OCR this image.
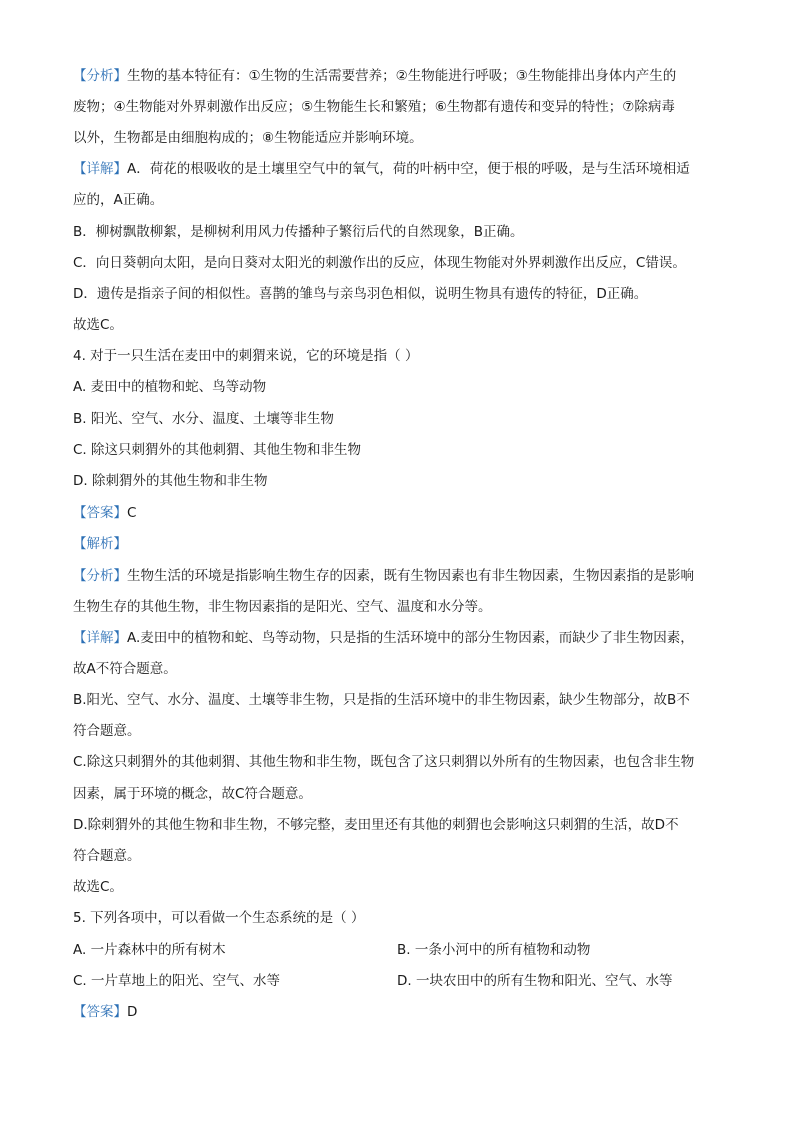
【分析】生物的基本特征有：①生物的生活需要营养；②生物能进行呼吸；③生物能排出身体内产生的
废物；④生物能对外界刺激作出反应；⑤生物能生长和繁殖；⑥生物都有遗传和变异的特性；⑦除病毒
以外，生物都是由细胞构成的；⑧生物能适应并影响环境。
【详解】A．荷花的根吸收的是土壤里空气中的氧气，荷的叶柄中空，便于根的呼吸，是与生活环境相适
应的，A正确。
B．柳树飘散柳絮，是柳树利用风力传播种子繁衍后代的自然现象，B正确。
C．向日葵朝向太阳，是向日葵对太阳光的刺激作出的反应，体现生物能对外界刺激作出反应，C错误。
D．遗传是指亲子间的相似性。喜鹊的雏鸟与亲鸟羽色相似，说明生物具有遗传的特征，D正确。
故选C。
4. 对于一只生活在麦田中的刺猬来说，它的环境是指（ ）
A. 麦田中的植物和蛇、鸟等动物
B. 阳光、空气、水分、温度、土壤等非生物
C. 除这只刺猬外的其他刺猬、其他生物和非生物
D. 除刺猬外的其他生物和非生物
【答案】C
【解析】
【分析】生物生活的环境是指影响生物生存的因素，既有生物因素也有非生物因素，生物因素指的是影响
生物生存的其他生物，非生物因素指的是阳光、空气、温度和水分等。
【详解】A.麦田中的植物和蛇、鸟等动物，只是指的生活环境中的部分生物因素，而缺少了非生物因素，
故A不符合题意。
B.阳光、空气、水分、温度、土壤等非生物，只是指的生活环境中的非生物因素，缺少生物部分，故B不
符合题意。
C.除这只刺猬外的其他刺猬、其他生物和非生物，既包含了这只刺猬以外所有的生物因素，也包含非生物
因素，属于环境的概念，故C符合题意。
D.除刺猬外的其他生物和非生物，不够完整，麦田里还有其他的刺猬也会影响这只刺猬的生活，故D不
符合题意。
故选C。
5. 下列各项中，可以看做一个生态系统的是（ ）
A. 一片森林中的所有树木	B. 一条小河中的所有植物和动物
C. 一片草地上的阳光、空气、水等	D. 一块农田中的所有生物和阳光、空气、水等
【答案】D
